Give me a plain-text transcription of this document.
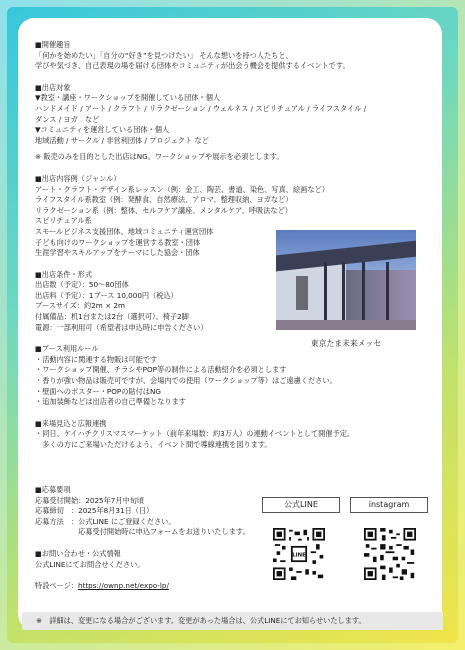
■開催趣旨
「何かを始めたい」「自分の“好き”を見つけたい」 そんな想いを持つ人たちと、
学びや気づき、自己表現の場を届ける団体やコミュニティが出会う機会を提供するイベントです。
■出店対象
▼教室・講座・ワークショップを開催している団体・個人
ハンドメイド / アート / クラフト / リラクゼーション / ウェルネス / スピリチュアル / ライフスタイル /
ダンス / ヨガ　など
▼コミュニティを運営している団体・個人
地域活動 / サークル / 非営利団体 / プロジェクト など
※ 販売のみを目的とした出店はNG。ワークショップや展示を必須とします。
■出店内容例（ジャンル）
アート・クラフト・デザイン系レッスン（例：金工、陶芸、書道、染色、写真、絵画など）
ライフスタイル系教室（例：発酵食、自然療法、アロマ、整理収納、ヨガなど）
リラクゼーション系（例：整体、セルフケア講座、メンタルケア、呼吸法など）
スピリチュアル系
スモールビジネス支援団体、地域コミュニティ運営団体
子ども向けのワークショップを運営する教室・団体
生涯学習やスキルアップをテーマにした協会・団体
■出店条件・形式
出店数（予定）：50〜80団体
出店料（予定）：1ブース 10,000円（税込）
ブースサイズ：約2m × 2m
付属備品：机1台または2台（選択可）、椅子2脚
電源：一部利用可（希望者は申込時に申告ください）
■ブース利用ルール
・活動内容に関連する物販は可能です
・ワークショップ開催、チラシやPOP等の制作による活動紹介を必須とします
・香りが強い物品は販売可ですが、会場内での使用（ワークショップ等）はご遠慮ください。
・壁面へのポスター・POPの貼付はNG
・追加装飾などは出店者の自己準備となります
■来場見込と広報連携
・同日、ケイハチクリスマスマーケット（前年来場数：約3万人）の連動イベントとして開催予定。
　多くの方にご来場いただけるよう、イベント間で導線連携を図ります。
東京たま未来メッセ
■応募要項
応募受付開始：2025年7月中旬頃
応募締切　：2025年8月31日（日）
応募方法　：公式LINE にご登録ください。
　　　　　　応募受付開始時に申込フォームをお送りいたします。
■お問い合わせ・公式情報
公式LINEにてお問合せください。
特設ページ：https://ownp.net/expo-lp/
公式LINE	instagram
LINE
※　詳細は、変更になる場合がございます。変更があった場合は、公式LINEにてお知らせいたします。
